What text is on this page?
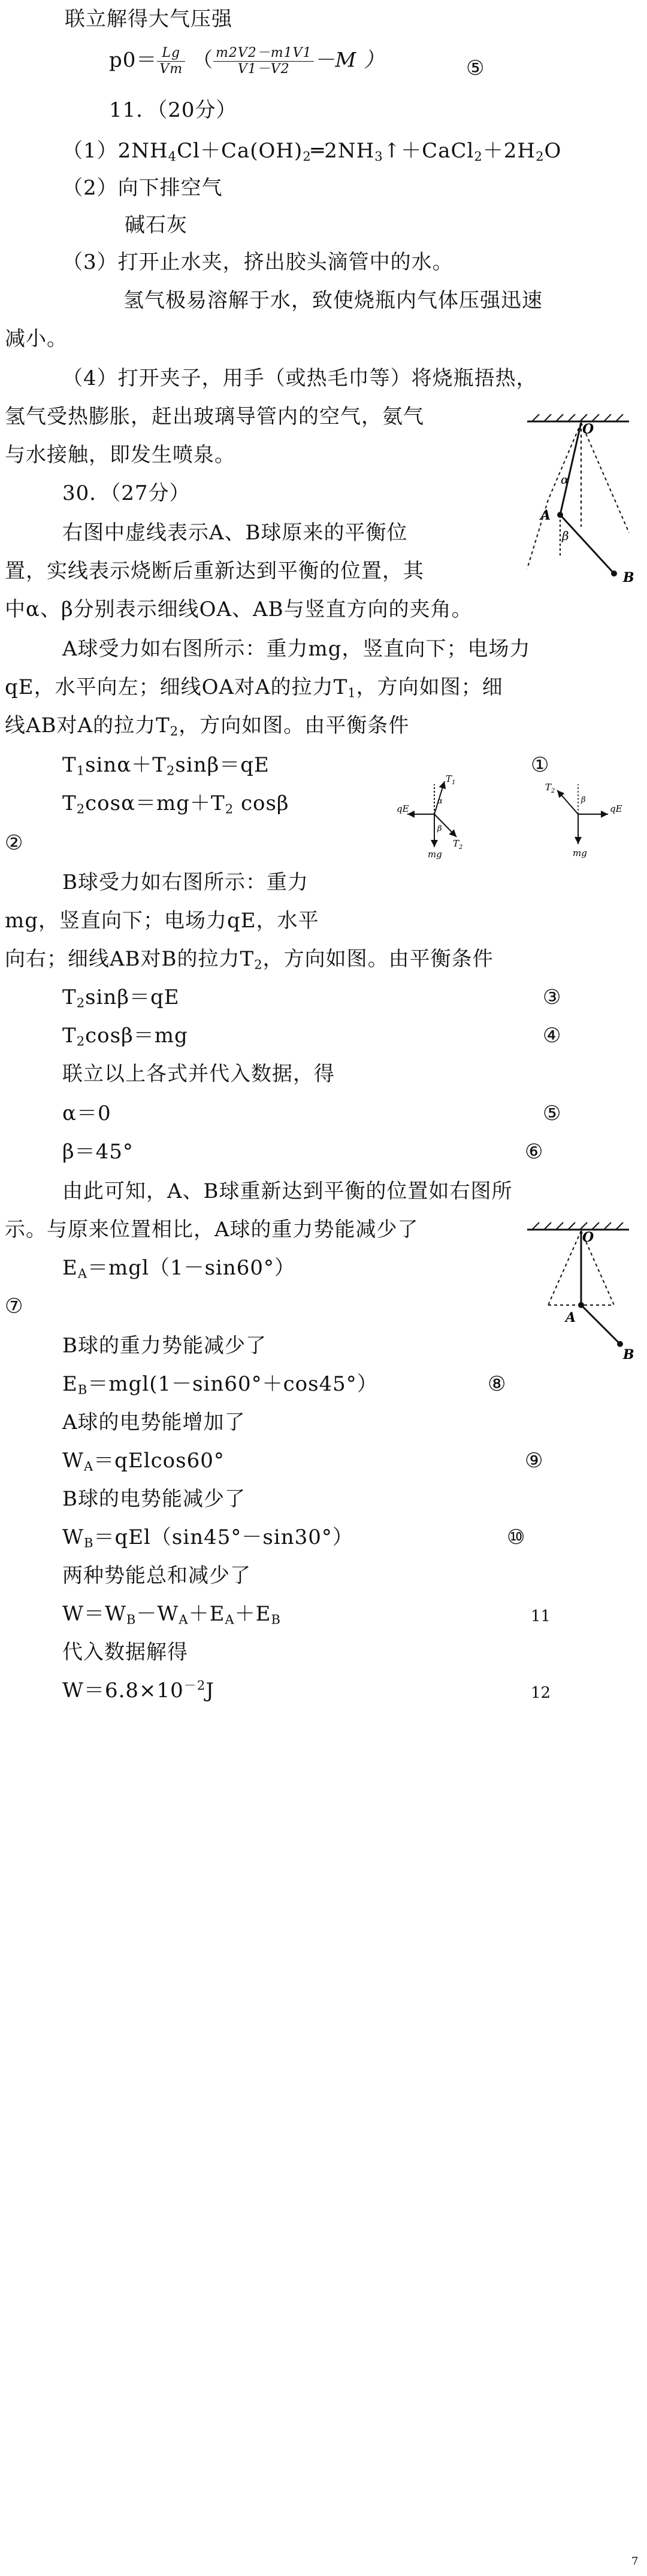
联立解得大气压强
$p0= \frac{Lg}{Vm}$ （ $\frac{m2V2-m1V1}{V1-V2} -M$ ）	⑤
11．（20分）
$(1)2NH_4Cl+Ca(OH)_2═2NH_3↑+CaCl_2+2H_2O$
（2）向下排空气
碱石灰
（3）打开止水夹，挤出胶头滴管中的水。
氢气极易溶解于水，致使烧瓶内气体压强迅速
减小。
（4）打开夹子，用手（或热毛巾等）将烧瓶捂热，
氢气受热膨胀，赶出玻璃导管内的空气，氨气
与水接触，即发生喷泉。
30．（27分）
右图中虚线表示A、B球原来的平衡位
置，实线表示烧断后重新达到平衡的位置，其
中α、β分别表示细线OA、AB与竖直方向的夹角。
A球受力如右图所示：重力mg，竖直向下；电场力
qE，水平向左；细线OA对A的拉力$T_1$，方向如图；细
线AB对A的拉力$T_2$，方向如图。由平衡条件
$T_1\sin\alpha+T_2\sin\beta=qE$	①
$T_2\cos\alpha=mg+T_2$ cosβ
②
B球受力如右图所示：重力
mg，竖直向下；电场力qE，水平
向右；细线AB对B的拉力$T_2$，方向如图。由平衡条件
$T_2\sin\beta=qE$	③
$T_2\cos\beta=mg$	④
联立以上各式并代入数据，得
α＝0	⑤
β＝45°	⑥
由此可知，A、B球重新达到平衡的位置如右图所
示。与原来位置相比，A球的重力势能减少了
$E_A=mgl(1-\sin 60^\circ)$
⑦
B球的重力势能减少了
$E_B=mgl(1-\sin 60^\circ+\cos 45^\circ)$	⑧
A球的电势能增加了
$W_A=qElcos60^\circ$	⑨
B球的电势能减少了
$W_B=qEl(\sin 45^\circ-\sin 30^\circ)$	⑩
两种势能总和减少了
$W=W_B-W_A+E_A+E_B$	11
代入数据解得
$W=6.8\times 10^{-2}J$	12
O
α
β
A
B
$T_1$
qE
mg
$T_2$
α
β
$T_2$
qE
mg
β
O
A
B
7
